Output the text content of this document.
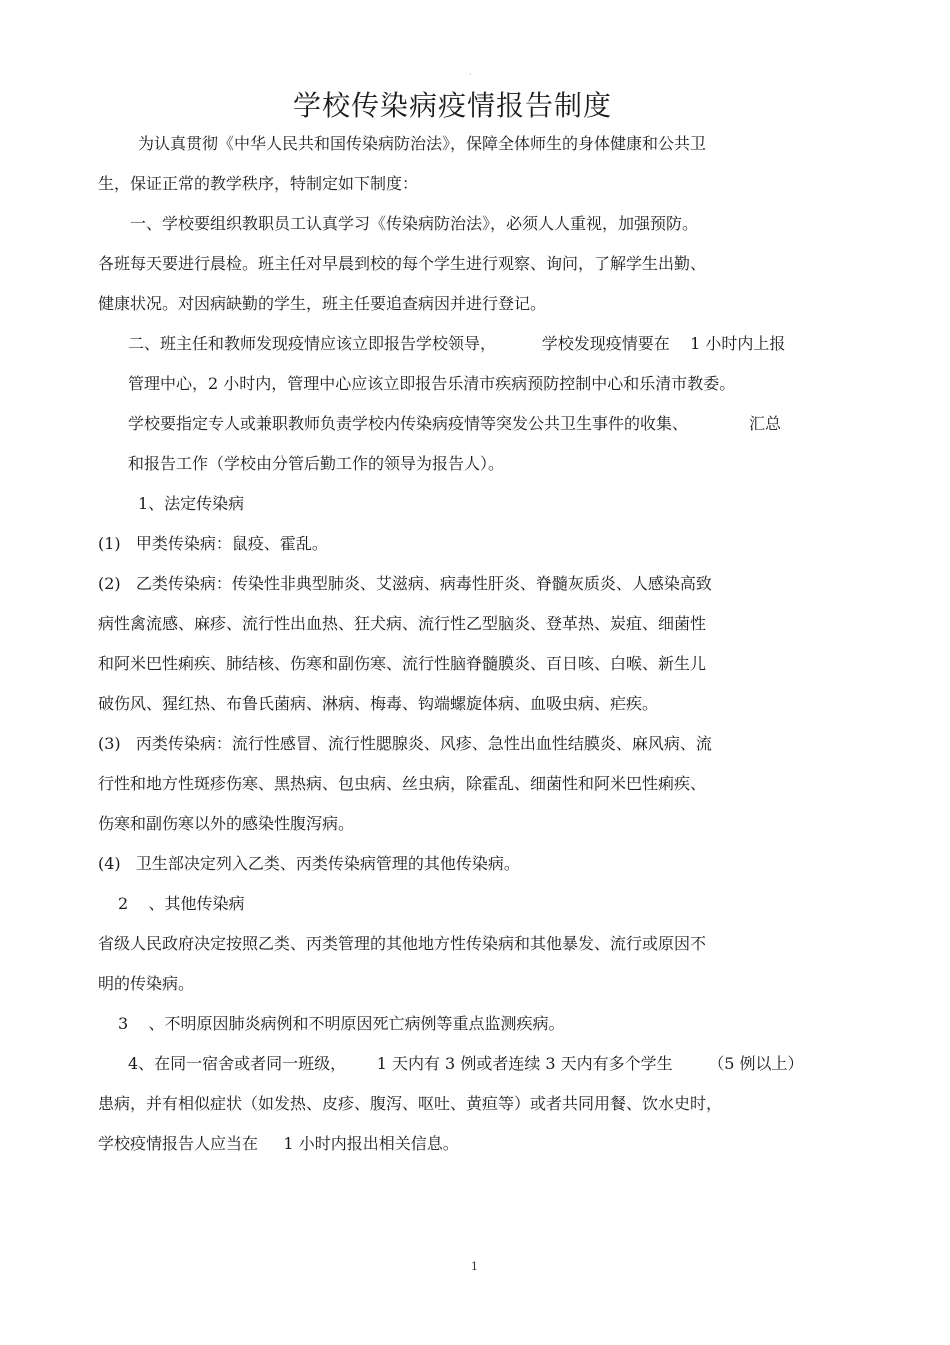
·
学校传染病疫情报告制度
为认真贯彻《中华人民共和国传染病防治法》，保障全体师生的身体健康和公共卫
生，保证正常的教学秩序，特制定如下制度：
一、学校要组织教职员工认真学习《传染病防治法》，必须人人重视，加强预防。
各班每天要进行晨检。班主任对早晨到校的每个学生进行观察、询问，了解学生出勤、
健康状况。对因病缺勤的学生，班主任要追查病因并进行登记。
二、班主任和教师发现疫情应该立即报告学校领导，         学校发现疫情要在    1 小时内上报
管理中心，2 小时内，管理中心应该立即报告乐清市疾病预防控制中心和乐清市教委。
学校要指定专人或兼职教师负责学校内传染病疫情等突发公共卫生事件的收集、            汇总
和报告工作（学校由分管后勤工作的领导为报告人）。
1、法定传染病
(1)   甲类传染病：鼠疫、霍乱。
(2)   乙类传染病：传染性非典型肺炎、艾滋病、病毒性肝炎、脊髓灰质炎、人感染高致
病性禽流感、麻疹、流行性出血热、狂犬病、流行性乙型脑炎、登革热、炭疽、细菌性
和阿米巴性痢疾、肺结核、伤寒和副伤寒、流行性脑脊髓膜炎、百日咳、白喉、新生儿
破伤风、猩红热、布鲁氏菌病、淋病、梅毒、钩端螺旋体病、血吸虫病、疟疾。
(3)   丙类传染病：流行性感冒、流行性腮腺炎、风疹、急性出血性结膜炎、麻风病、流
行性和地方性斑疹伤寒、黑热病、包虫病、丝虫病，除霍乱、细菌性和阿米巴性痢疾、
伤寒和副伤寒以外的感染性腹泻病。
(4)   卫生部决定列入乙类、丙类传染病管理的其他传染病。
2    、其他传染病
省级人民政府决定按照乙类、丙类管理的其他地方性传染病和其他暴发、流行或原因不
明的传染病。
3    、不明原因肺炎病例和不明原因死亡病例等重点监测疾病。
4、在同一宿舍或者同一班级，      1 天内有 3 例或者连续 3 天内有多个学生       （5 例以上）
患病，并有相似症状（如发热、皮疹、腹泻、呕吐、黄疸等）或者共同用餐、饮水史时，
学校疫情报告人应当在     1 小时内报出相关信息。
1
